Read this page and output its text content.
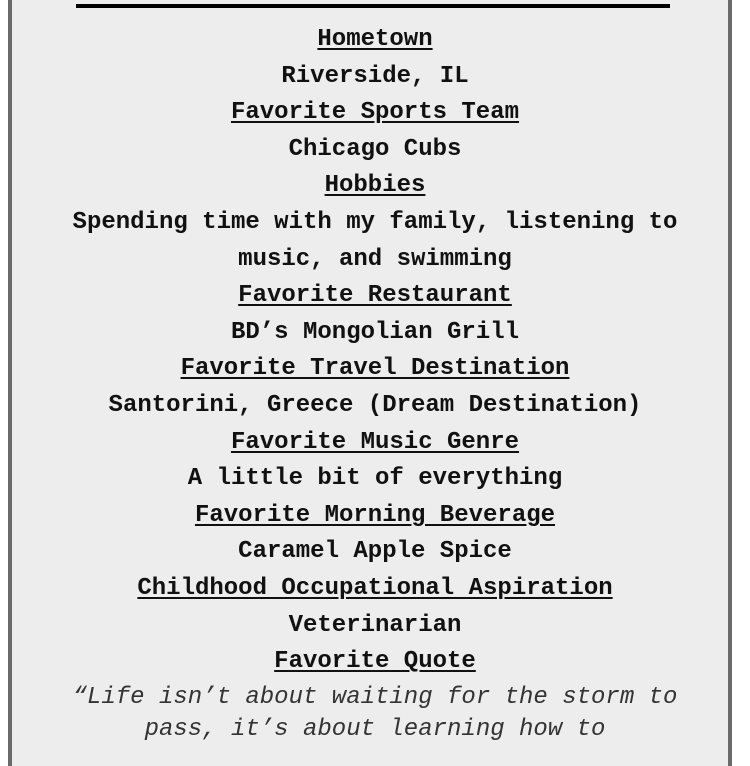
Hometown

Riverside, IL

Favorite Sports Team

Chicago Cubs

Hobbies

Spending time with my family, listening to music, and swimming

Favorite Restaurant

BD’s Mongolian Grill

Favorite Travel Destination

Santorini, Greece (Dream Destination)

Favorite Music Genre

A little bit of everything

Favorite Morning Beverage

Caramel Apple Spice

Childhood Occupational Aspiration

Veterinarian

Favorite Quote

“Life isn’t about waiting for the storm to pass, it’s about learning how to
